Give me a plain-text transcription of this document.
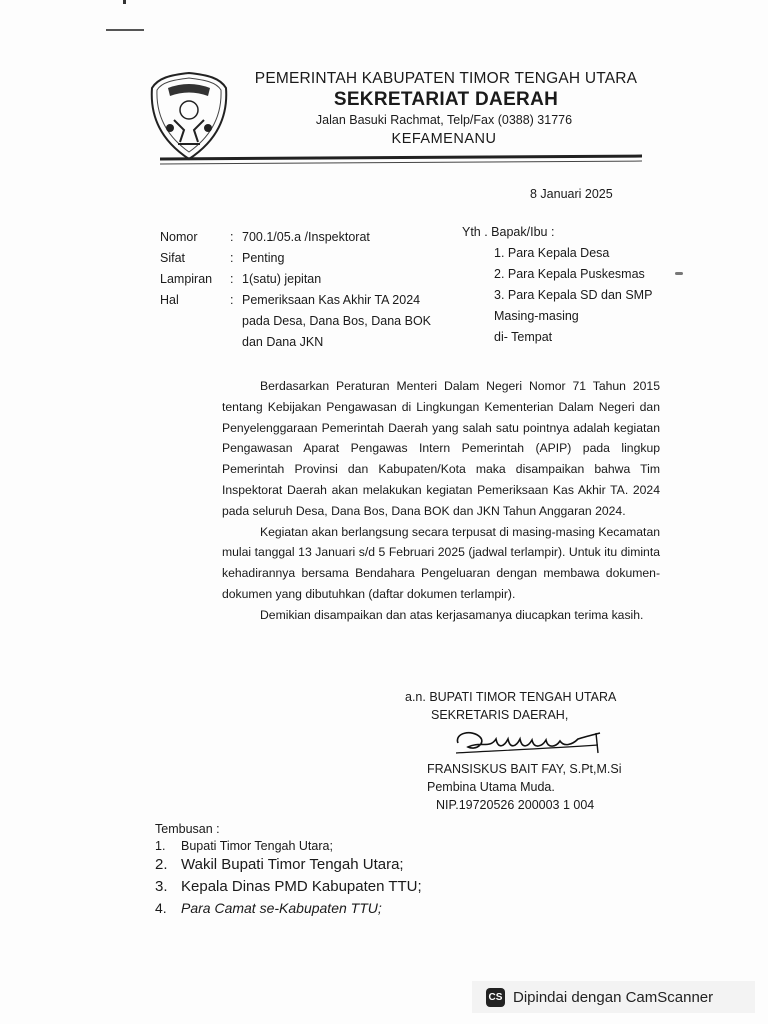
PEMERINTAH KABUPATEN TIMOR TENGAH UTARA
SEKRETARIAT DAERAH
Jalan Basuki Rachmat, Telp/Fax (0388) 31776
KEFAMENANU
8 Januari 2025
Nomor	: 700.1/05.a /Inspektorat
Sifat	: Penting
Lampiran	: 1(satu) jepitan
Hal	: Pemeriksaan Kas Akhir TA 2024
pada Desa, Dana Bos, Dana BOK
dan Dana JKN
Yth . Bapak/Ibu :
1. Para Kepala Desa
2. Para Kepala Puskesmas
3. Para Kepala SD dan SMP
Masing-masing
di- Tempat

Berdasarkan Peraturan Menteri Dalam Negeri Nomor 71 Tahun 2015 tentang Kebijakan Pengawasan di Lingkungan Kementerian Dalam Negeri dan Penyelenggaraan Pemerintah Daerah yang salah satu pointnya adalah kegiatan Pengawasan Aparat Pengawas Intern Pemerintah (APIP) pada lingkup Pemerintah Provinsi dan Kabupaten/Kota maka disampaikan bahwa Tim Inspektorat Daerah akan melakukan kegiatan Pemeriksaan Kas Akhir TA. 2024 pada seluruh Desa, Dana Bos, Dana BOK dan JKN Tahun Anggaran 2024.

Kegiatan akan berlangsung secara terpusat di masing-masing Kecamatan mulai tanggal 13 Januari s/d 5 Februari 2025 (jadwal terlampir). Untuk itu diminta kehadirannya bersama Bendahara Pengeluaran dengan membawa dokumen-dokumen yang dibutuhkan (daftar dokumen terlampir).

Demikian disampaikan dan atas kerjasamanya diucapkan terima kasih.

a.n. BUPATI TIMOR TENGAH UTARA
SEKRETARIS DAERAH,
FRANSISKUS BAIT FAY, S.Pt,M.Si
Pembina Utama Muda.
NIP.19720526 200003 1 004
Tembusan :
1. Bupati Timor Tengah Utara;
2. Wakil Bupati Timor Tengah Utara;
3. Kepala Dinas PMD Kabupaten TTU;
4. Para Camat se-Kabupaten TTU;
CS Dipindai dengan CamScanner
